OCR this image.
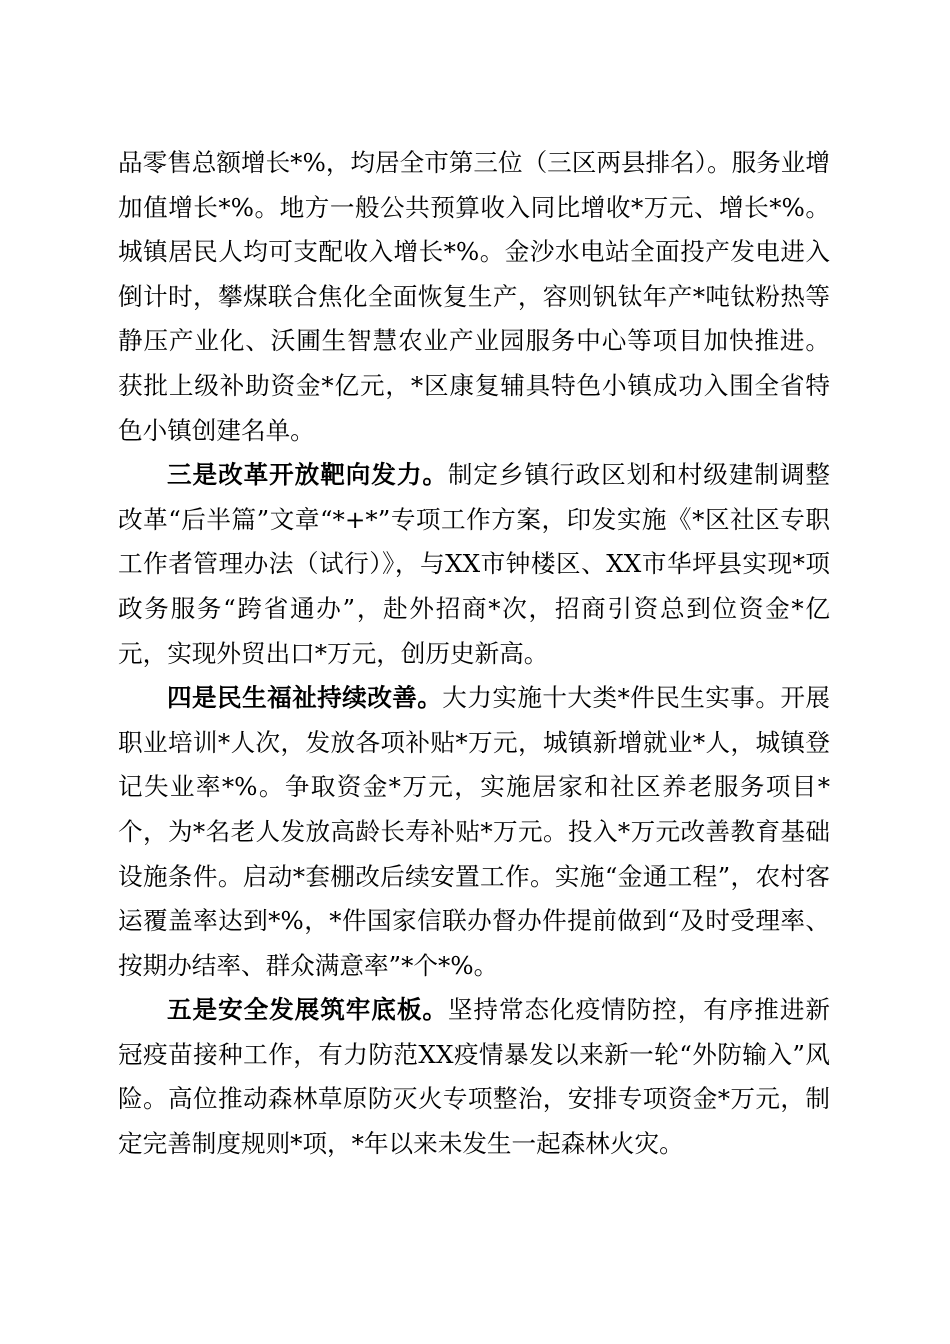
品零售总额增长*%，均居全市第三位（三区两县排名）。服务业增加值增长*%。地方一般公共预算收入同比增收*万元、增长*%。城镇居民人均可支配收入增长*%。金沙水电站全面投产发电进入倒计时，攀煤联合焦化全面恢复生产，容则钒钛年产*吨钛粉热等静压产业化、沃圃生智慧农业产业园服务中心等项目加快推进。获批上级补助资金*亿元，*区康复辅具特色小镇成功入围全省特色小镇创建名单。

三是改革开放靶向发力。制定乡镇行政区划和村级建制调整改革“后半篇”文章“*+*”专项工作方案，印发实施《*区社区专职工作者管理办法（试行）》，与XX市钟楼区、XX市华坪县实现*项政务服务“跨省通办”，赴外招商*次，招商引资总到位资金*亿元，实现外贸出口*万元，创历史新高。

四是民生福祉持续改善。大力实施十大类*件民生实事。开展职业培训*人次，发放各项补贴*万元，城镇新增就业*人，城镇登记失业率*%。争取资金*万元，实施居家和社区养老服务项目*个，为*名老人发放高龄长寿补贴*万元。投入*万元改善教育基础设施条件。启动*套棚改后续安置工作。实施“金通工程”，农村客运覆盖率达到*%，*件国家信联办督办件提前做到“及时受理率、按期办结率、群众满意率”*个*%。

五是安全发展筑牢底板。坚持常态化疫情防控，有序推进新冠疫苗接种工作，有力防范XX疫情暴发以来新一轮“外防输入”风险。高位推动森林草原防灭火专项整治，安排专项资金*万元，制定完善制度规则*项，*年以来未发生一起森林火灾。
